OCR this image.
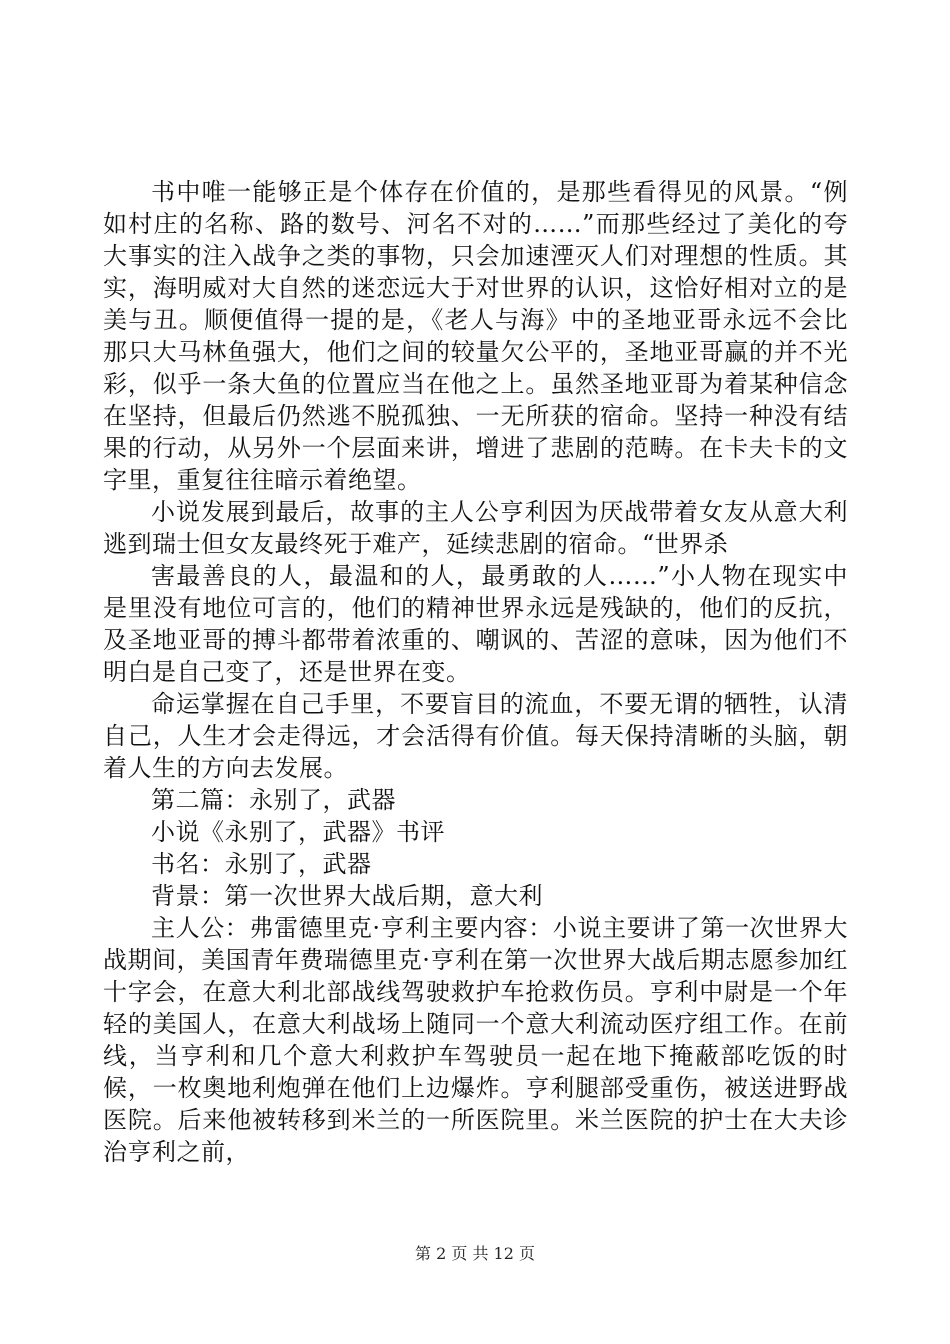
书中唯一能够正是个体存在价值的，是那些看得见的风景。“例如村庄的名称、路的数号、河名不对的……”而那些经过了美化的夸大事实的注入战争之类的事物，只会加速湮灭人们对理想的性质。其实，海明威对大自然的迷恋远大于对世界的认识，这恰好相对立的是美与丑。顺便值得一提的是，《老人与海》中的圣地亚哥永远不会比那只大马林鱼强大，他们之间的较量欠公平的，圣地亚哥赢的并不光彩，似乎一条大鱼的位置应当在他之上。虽然圣地亚哥为着某种信念在坚持，但最后仍然逃不脱孤独、一无所获的宿命。坚持一种没有结果的行动，从另外一个层面来讲，增进了悲剧的范畴。在卡夫卡的文字里，重复往往暗示着绝望。

小说发展到最后，故事的主人公亨利因为厌战带着女友从意大利逃到瑞士但女友最终死于难产，延续悲剧的宿命。“世界杀

害最善良的人，最温和的人，最勇敢的人……”小人物在现实中是里没有地位可言的，他们的精神世界永远是残缺的，他们的反抗，及圣地亚哥的搏斗都带着浓重的、嘲讽的、苦涩的意味，因为他们不明白是自己变了，还是世界在变。

命运掌握在自己手里，不要盲目的流血，不要无谓的牺牲，认清自己，人生才会走得远，才会活得有价值。每天保持清晰的头脑，朝着人生的方向去发展。

第二篇：永别了，武器

小说《永别了，武器》书评

书名：永别了，武器

背景：第一次世界大战后期，意大利

主人公：弗雷德里克·亨利主要内容：小说主要讲了第一次世界大战期间，美国青年费瑞德里克·亨利在第一次世界大战后期志愿参加红十字会，在意大利北部战线驾驶救护车抢救伤员。亨利中尉是一个年轻的美国人，在意大利战场上随同一个意大利流动医疗组工作。在前线，当亨利和几个意大利救护车驾驶员一起在地下掩蔽部吃饭的时候，一枚奥地利炮弹在他们上边爆炸。亨利腿部受重伤，被送进野战医院。后来他被转移到米兰的一所医院里。米兰医院的护士在大夫诊治亨利之前，

第 2 页 共 12 页
